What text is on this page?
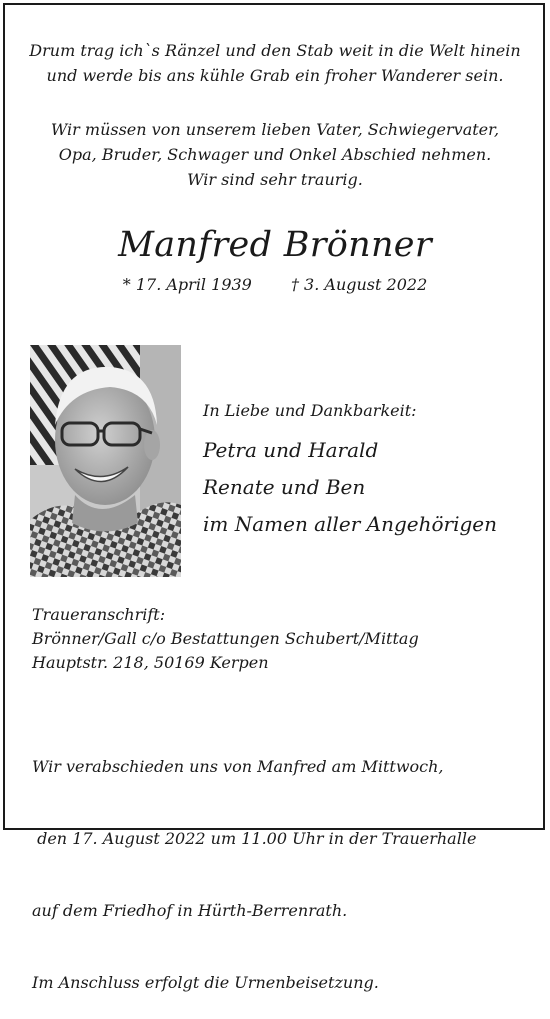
Drum trag ich`s Ränzel und den Stab weit in die Welt hinein
und werde bis ans kühle Grab ein froher Wanderer sein.
Wir müssen von unserem lieben Vater, Schwiegervater,
Opa, Bruder, Schwager und Onkel Abschied nehmen.
Wir sind sehr traurig.
Manfred Brönner
* 17. April 1939 † 3. August 2022
In Liebe und Dankbarkeit:
Petra und Harald
Renate und Ben
im Namen aller Angehörigen
Traueranschrift:
Brönner/Gall c/o Bestattungen Schubert/Mittag
Hauptstr. 218, 50169 Kerpen

Wir verabschieden uns von Manfred am Mittwoch,

den 17. August 2022 um 11.00 Uhr in der Trauerhalle

auf dem Friedhof in Hürth-Berrenrath.

Im Anschluss erfolgt die Urnenbeisetzung.
